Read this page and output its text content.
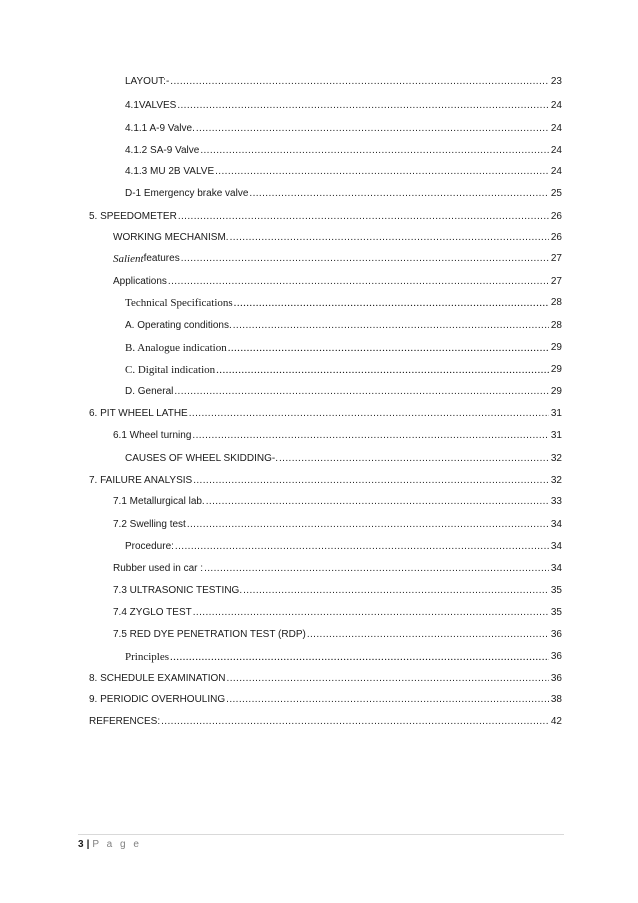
LAYOUT:- .....	23
4.1VALVES .....	24
4.1.1 A-9 Valve. .....	24
4.1.2 SA-9 Valve .....	24
4.1.3 MU 2B VALVE .....	24
D-1 Emergency brake valve .....	25
5. SPEEDOMETER .....	26
WORKING MECHANISM. .....	26
Salient features .....	27
Applications .....	27
Technical Specifications .....	28
A. Operating conditions. .....	28
B. Analogue indication .....	29
C. Digital indication .....	29
D. General .....	29
6. PIT WHEEL LATHE .....	31
6.1 Wheel turning .....	31
CAUSES OF WHEEL SKIDDING-. .....	32
7. FAILURE ANALYSIS .....	32
7.1 Metallurgical lab. .....	33
7.2 Swelling test .....	34
Procedure: .....	34
Rubber used in car : .....	34
7.3 ULTRASONIC TESTING. .....	35
7.4 ZYGLO TEST .....	35
7.5 RED DYE PENETRATION TEST (RDP) .....	36
Principles .....	36
8. SCHEDULE EXAMINATION .....	36
9. PERIODIC OVERHOULING .....	38
REFERENCES: .....	42
3 | P a g e
